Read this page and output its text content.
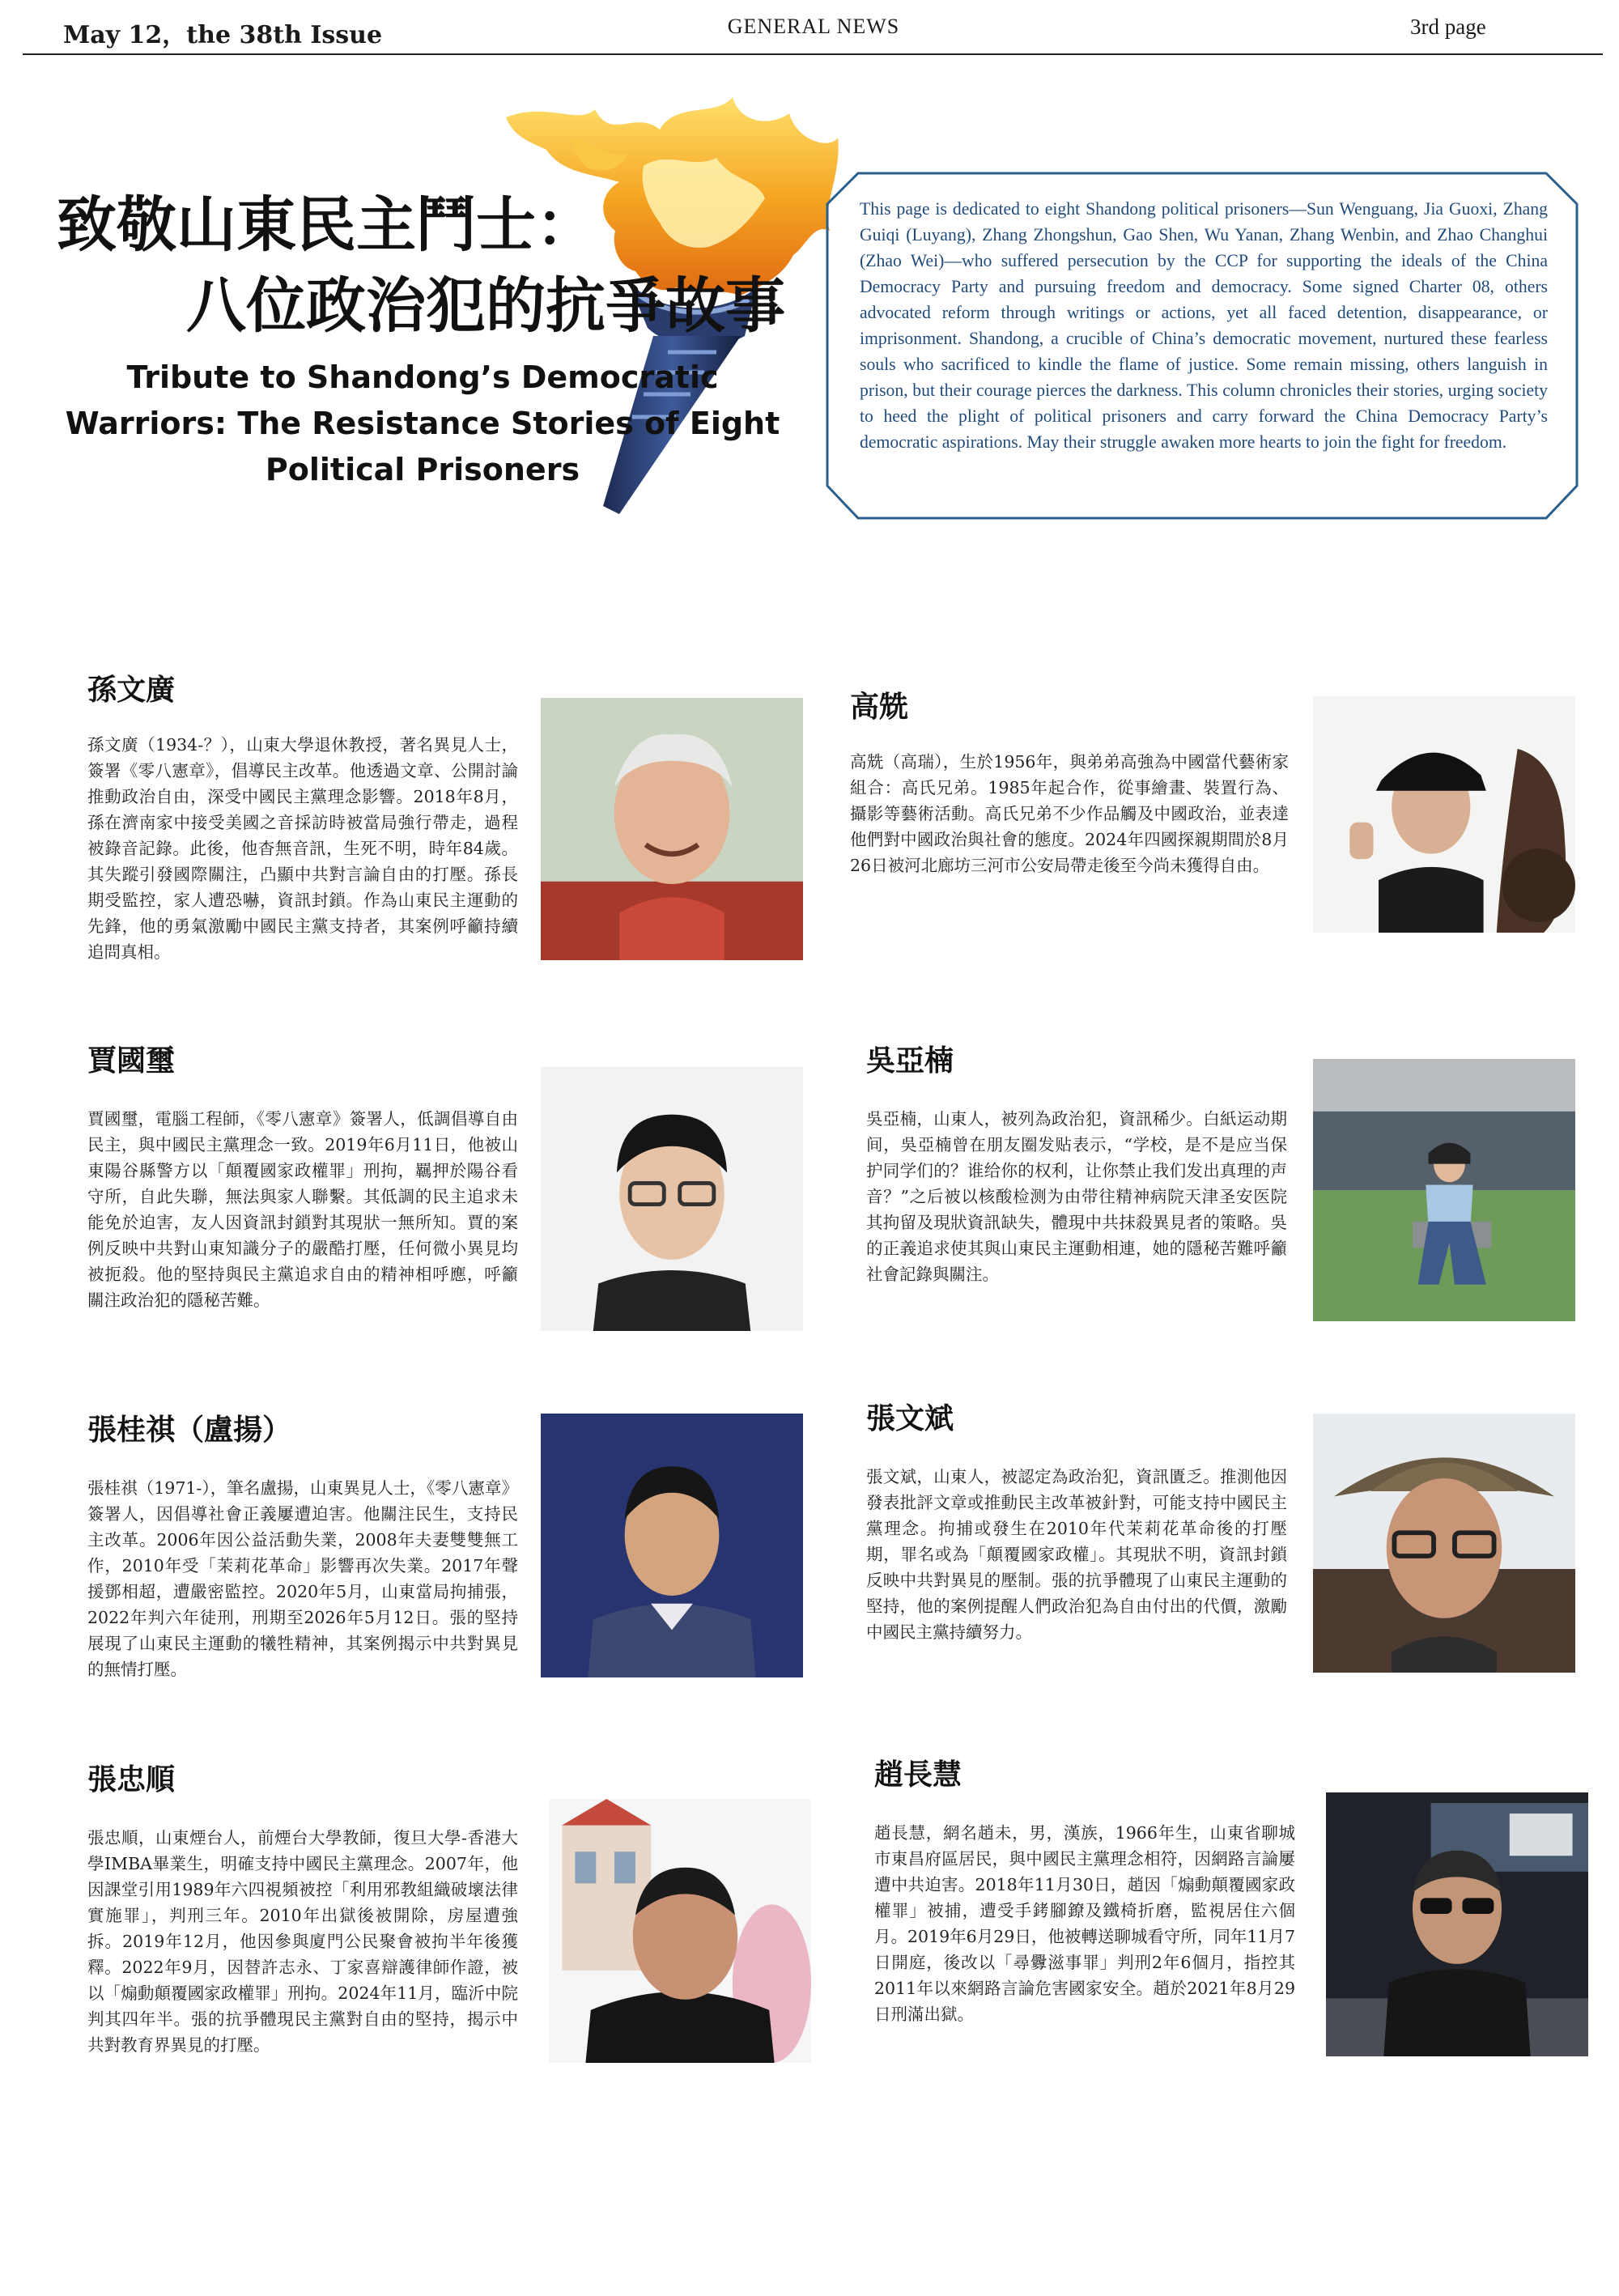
May 12，the 38th Issue	GENERAL NEWS	3rd page
致敬山東民主鬥士：
八位政治犯的抗爭故事
Tribute to Shandong’s Democratic Warriors: The Resistance Stories of Eight Political Prisoners

This page is dedicated to eight Shandong political prisoners—Sun Wenguang, Jia Guoxi, Zhang Guiqi (Luyang), Zhang Zhongshun, Gao Shen, Wu Yanan, Zhang Wenbin, and Zhao Changhui (Zhao Wei)—who suffered persecution by the CCP for supporting the ideals of the China Democracy Party and pursuing freedom and democracy. Some signed Charter 08, others advocated reform through writings or actions, yet all faced detention, disappearance, or imprisonment. Shandong, a crucible of China’s democratic movement, nurtured these fearless souls who sacrificed to kindle the flame of justice. Some remain missing, others languish in prison, but their courage pierces the darkness. This column chronicles their stories, urging society to heed the plight of political prisoners and carry forward the China Democracy Party’s democratic aspirations. May their struggle awaken more hearts to join the fight for freedom.

孫文廣

孫文廣（1934-？），山東大學退休教授，著名異見人士，簽署《零八憲章》，倡導民主改革。他透過文章、公開討論推動政治自由，深受中國民主黨理念影響。2018年8月，孫在濟南家中接受美國之音採訪時被當局強行帶走，過程被錄音記錄。此後，他杳無音訊，生死不明，時年84歲。其失蹤引發國際關注，凸顯中共對言論自由的打壓。孫長期受監控，家人遭恐嚇，資訊封鎖。作為山東民主運動的先鋒，他的勇氣激勵中國民主黨支持者，其案例呼籲持續追問真相。

高兟

高兟（高瑞），生於1956年，與弟弟高強為中國當代藝術家組合：高氏兄弟。1985年起合作，從事繪畫、裝置行為、攝影等藝術活動。高氏兄弟不少作品觸及中國政治，並表達他們對中國政治與社會的態度。2024年四國探親期間於8月26日被河北廊坊三河市公安局帶走後至今尚未獲得自由。

賈國璽

賈國璽，電腦工程師，《零八憲章》簽署人，低調倡導自由民主，與中國民主黨理念一致。2019年6月11日，他被山東陽谷縣警方以「顛覆國家政權罪」刑拘，羈押於陽谷看守所，自此失聯，無法與家人聯繫。其低調的民主追求未能免於迫害，友人因資訊封鎖對其現狀一無所知。賈的案例反映中共對山東知識分子的嚴酷打壓，任何微小異見均被扼殺。他的堅持與民主黨追求自由的精神相呼應，呼籲關注政治犯的隱秘苦難。

吳亞楠

吳亞楠，山東人，被列為政治犯，資訊稀少。白紙运动期间，吳亞楠曾在朋友圈发贴表示，“学校，是不是应当保护同学们的？谁给你的权利，让你禁止我们发出真理的声音？”之后被以核酸检测为由带往精神病院天津圣安医院其拘留及現狀資訊缺失，體現中共抹殺異見者的策略。吳的正義追求使其與山東民主運動相連，她的隱秘苦難呼籲社會記錄與關注。

張桂祺（盧揚）

張桂祺（1971-），筆名盧揚，山東異見人士，《零八憲章》簽署人，因倡導社會正義屢遭迫害。他關注民生，支持民主改革。2006年因公益活動失業，2008年夫妻雙雙無工作，2010年受「茉莉花革命」影響再次失業。2017年聲援鄧相超，遭嚴密監控。2020年5月，山東當局拘捕張，2022年判六年徒刑，刑期至2026年5月12日。張的堅持展現了山東民主運動的犧牲精神，其案例揭示中共對異見的無情打壓。

張文斌

張文斌，山東人，被認定為政治犯，資訊匱乏。推測他因發表批評文章或推動民主改革被針對，可能支持中國民主黨理念。拘捕或發生在2010年代茉莉花革命後的打壓期，罪名或為「顛覆國家政權」。其現狀不明，資訊封鎖反映中共對異見的壓制。張的抗爭體現了山東民主運動的堅持，他的案例提醒人們政治犯為自由付出的代價，激勵中國民主黨持續努力。

張忠順

張忠順，山東煙台人，前煙台大學教師，復旦大學-香港大學IMBA畢業生，明確支持中國民主黨理念。2007年，他因課堂引用1989年六四視頻被控「利用邪教組織破壞法律實施罪」，判刑三年。2010年出獄後被開除，房屋遭強拆。2019年12月，他因參與廈門公民聚會被拘半年後獲釋。2022年9月，因替許志永、丁家喜辯護律師作證，被以「煽動顛覆國家政權罪」刑拘。2024年11月，臨沂中院判其四年半。張的抗爭體現民主黨對自由的堅持，揭示中共對教育界異見的打壓。

趙長慧

趙長慧，網名趙未，男，漢族，1966年生，山東省聊城市東昌府區居民，與中國民主黨理念相符，因網路言論屢遭中共迫害。2018年11月30日，趙因「煽動顛覆國家政權罪」被捕，遭受手銬腳鐐及鐵椅折磨，監視居住六個月。2019年6月29日，他被轉送聊城看守所，同年11月7日開庭，後改以「尋釁滋事罪」判刑2年6個月，指控其2011年以來網路言論危害國家安全。趙於2021年8月29日刑滿出獄。
